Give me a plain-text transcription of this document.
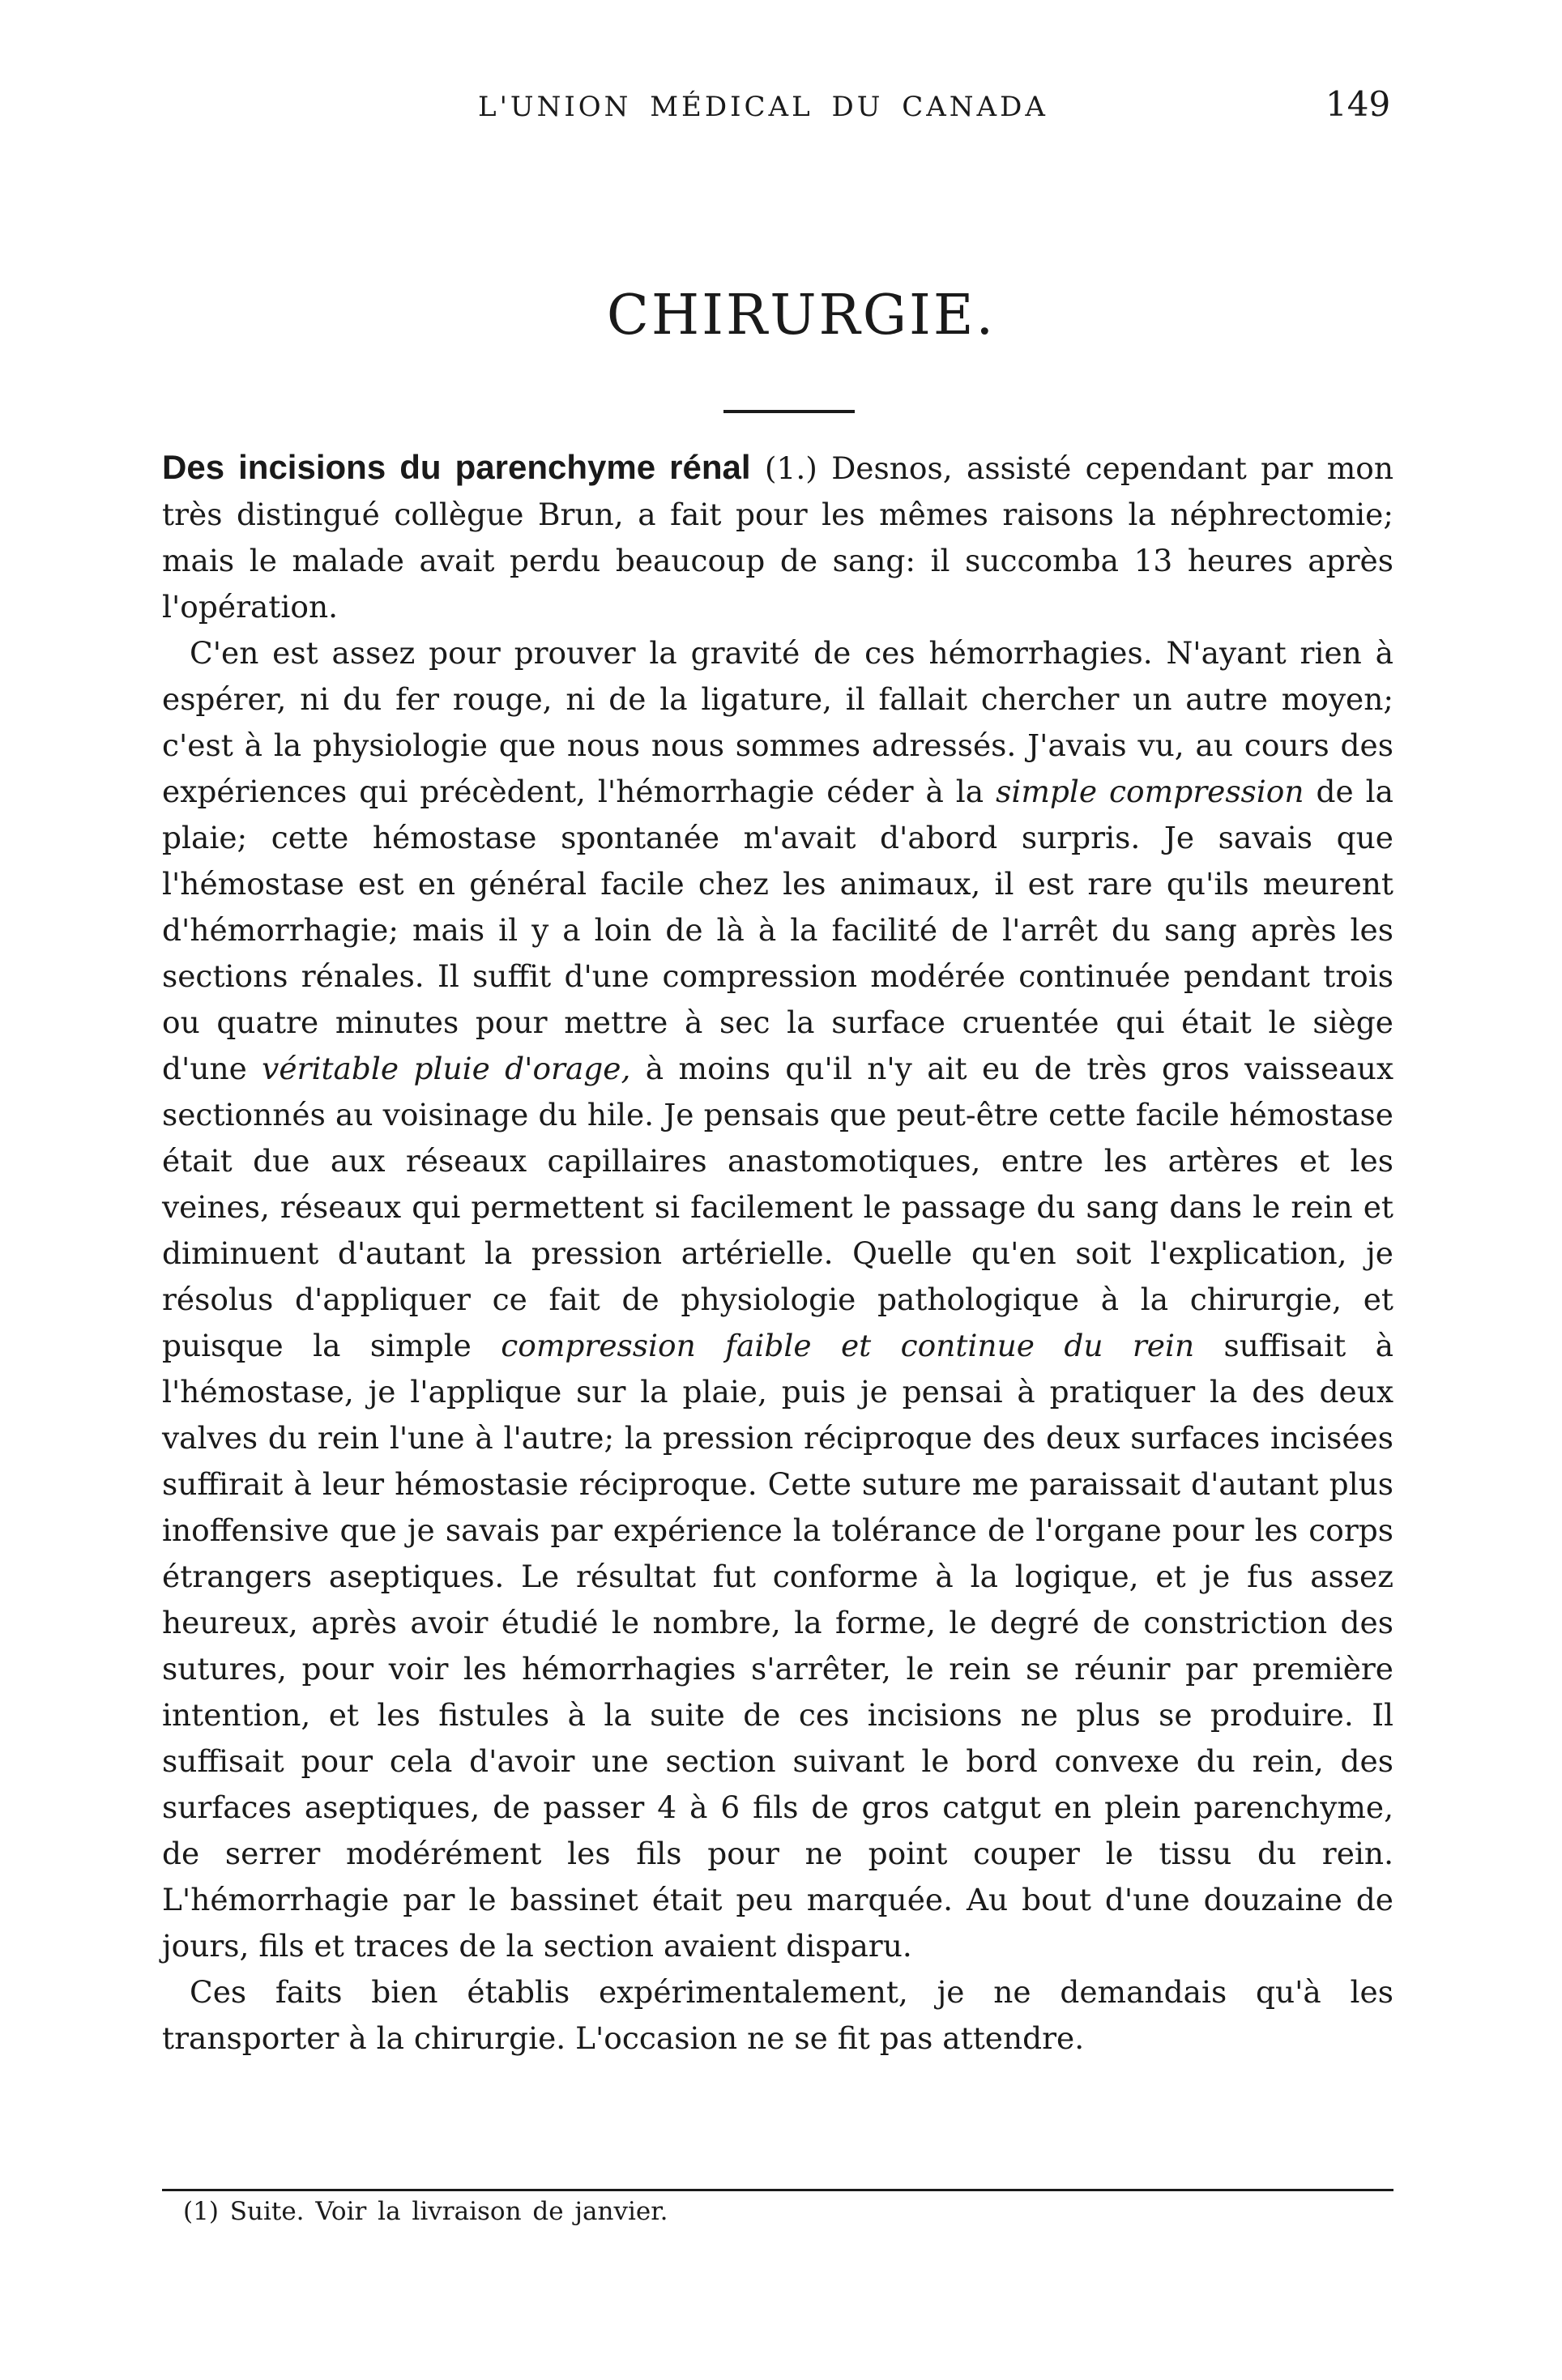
L'UNION MÉDICAL DU CANADA	149
CHIRURGIE.

Des incisions du parenchyme rénal (1.) Desnos, assisté cependant par mon très distingué collègue Brun, a fait pour les mêmes raisons la néphrectomie; mais le malade avait perdu beaucoup de sang: il succomba 13 heures après l'opération.

C'en est assez pour prouver la gravité de ces hémorrhagies. N'ayant rien à espérer, ni du fer rouge, ni de la ligature, il fallait chercher un autre moyen; c'est à la physiologie que nous nous sommes adressés. J'avais vu, au cours des expériences qui précèdent, l'hémorrhagie céder à la simple compression de la plaie; cette hémostase spontanée m'avait d'abord surpris. Je savais que l'hémostase est en général facile chez les animaux, il est rare qu'ils meurent d'hémorrhagie; mais il y a loin de là à la facilité de l'arrêt du sang après les sections rénales. Il suffit d'une compression modérée continuée pendant trois ou quatre minutes pour mettre à sec la surface cruentée qui était le siège d'une véritable pluie d'orage, à moins qu'il n'y ait eu de très gros vaisseaux sectionnés au voisinage du hile. Je pensais que peut-être cette facile hémostase était due aux réseaux capillaires anastomotiques, entre les artères et les veines, réseaux qui permettent si facilement le passage du sang dans le rein et diminuent d'autant la pression artérielle. Quelle qu'en soit l'explication, je résolus d'appliquer ce fait de physiologie pathologique à la chirurgie, et puisque la simple compression faible et continue du rein suffisait à l'hémostase, je l'applique sur la plaie, puis je pensai à pratiquer la des deux valves du rein l'une à l'autre; la pression réciproque des deux surfaces incisées suffirait à leur hémostasie réciproque. Cette suture me paraissait d'autant plus inoffensive que je savais par expérience la tolérance de l'organe pour les corps étrangers aseptiques. Le résultat fut conforme à la logique, et je fus assez heureux, après avoir étudié le nombre, la forme, le degré de constriction des sutures, pour voir les hémorrhagies s'arrêter, le rein se réunir par première intention, et les fistules à la suite de ces incisions ne plus se produire. Il suffisait pour cela d'avoir une section suivant le bord convexe du rein, des surfaces aseptiques, de passer 4 à 6 fils de gros catgut en plein parenchyme, de serrer modérément les fils pour ne point couper le tissu du rein. L'hémorrhagie par le bassinet était peu marquée. Au bout d'une douzaine de jours, fils et traces de la section avaient disparu.

Ces faits bien établis expérimentalement, je ne demandais qu'à les transporter à la chirurgie. L'occasion ne se fit pas attendre.

(1) Suite. Voir la livraison de janvier.
